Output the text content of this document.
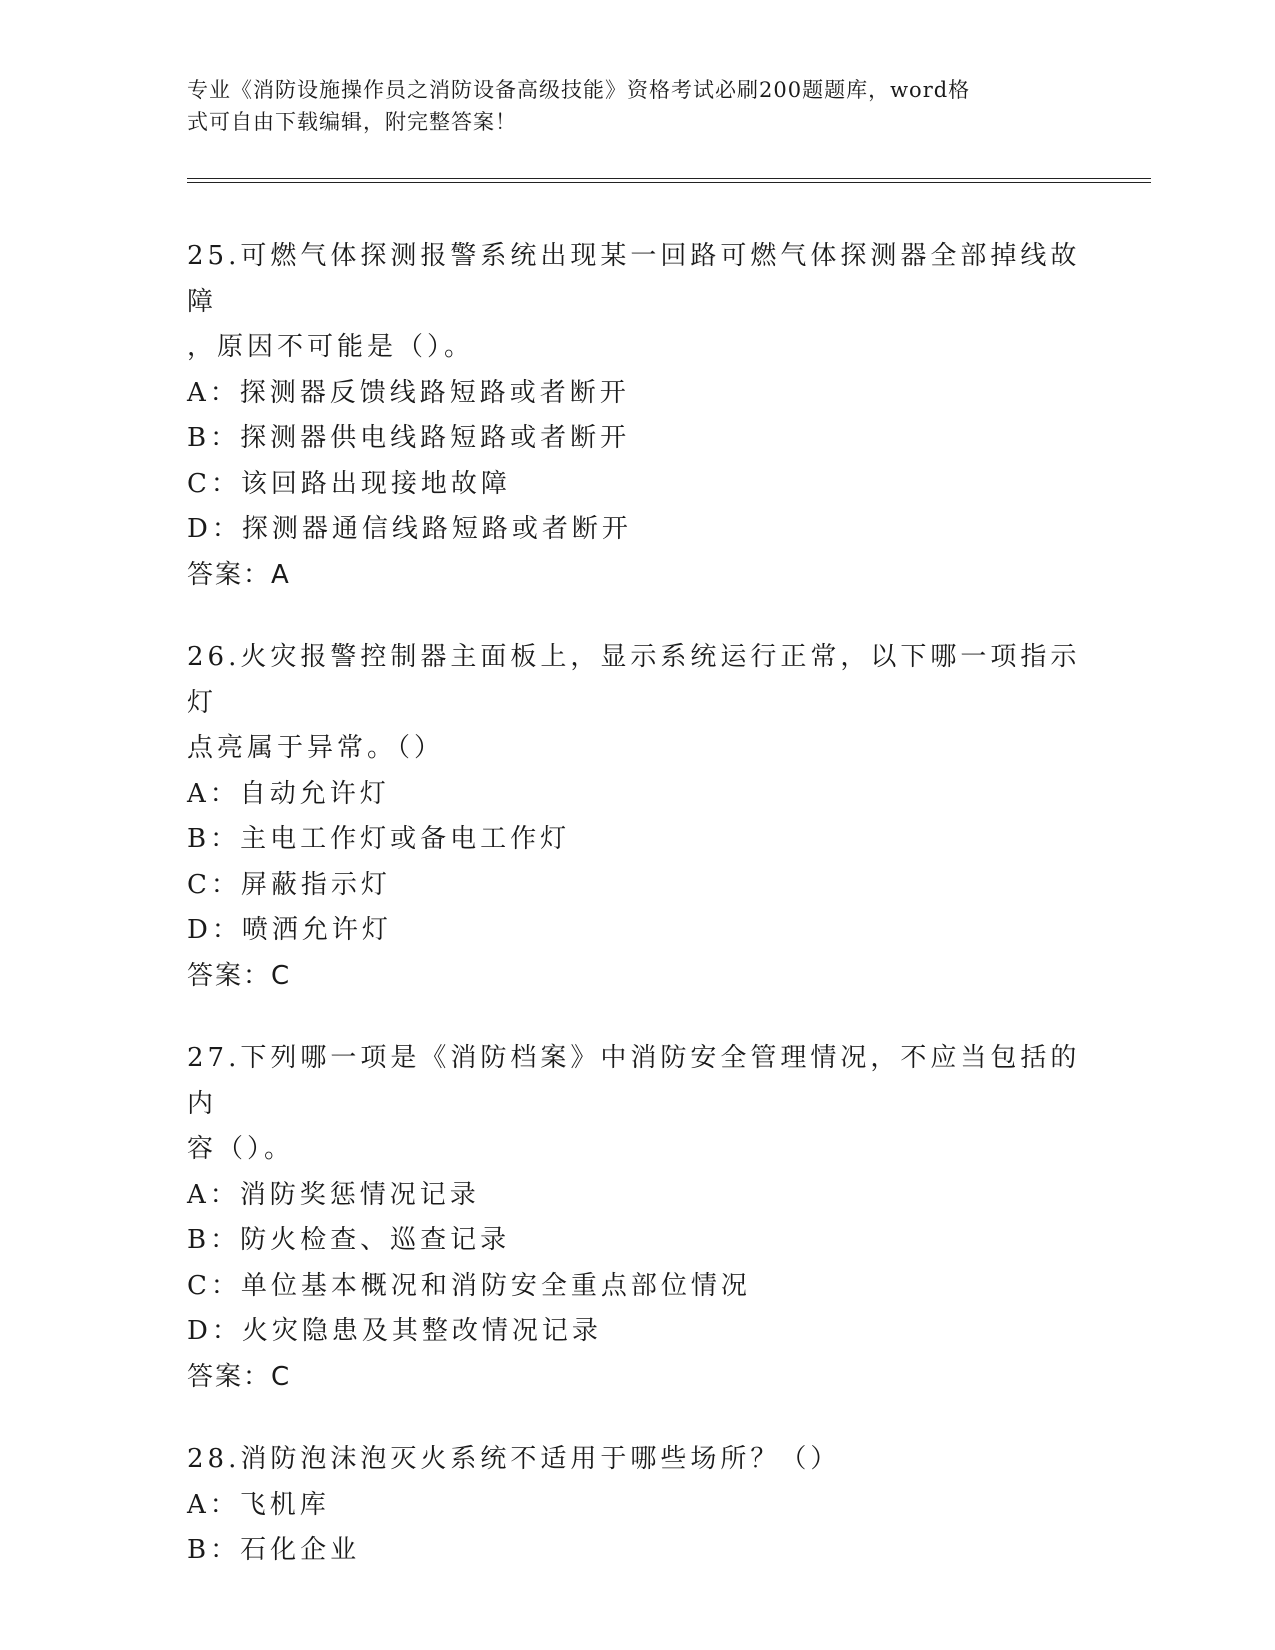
专业《消防设施操作员之消防设备高级技能》资格考试必刷200题题库，word格
式可自由下载编辑，附完整答案！
25.可燃气体探测报警系统出现某一回路可燃气体探测器全部掉线故障
，原因不可能是（）。
A：探测器反馈线路短路或者断开
B：探测器供电线路短路或者断开
C：该回路出现接地故障
D：探测器通信线路短路或者断开
答案：A
26.火灾报警控制器主面板上，显示系统运行正常，以下哪一项指示灯
点亮属于异常。（）
A：自动允许灯
B：主电工作灯或备电工作灯
C：屏蔽指示灯
D：喷洒允许灯
答案：C
27.下列哪一项是《消防档案》中消防安全管理情况，不应当包括的内
容（）。
A：消防奖惩情况记录
B：防火检查、巡查记录
C：单位基本概况和消防安全重点部位情况
D：火灾隐患及其整改情况记录
答案：C
28.消防泡沫泡灭火系统不适用于哪些场所？（）
A：飞机库
B：石化企业
